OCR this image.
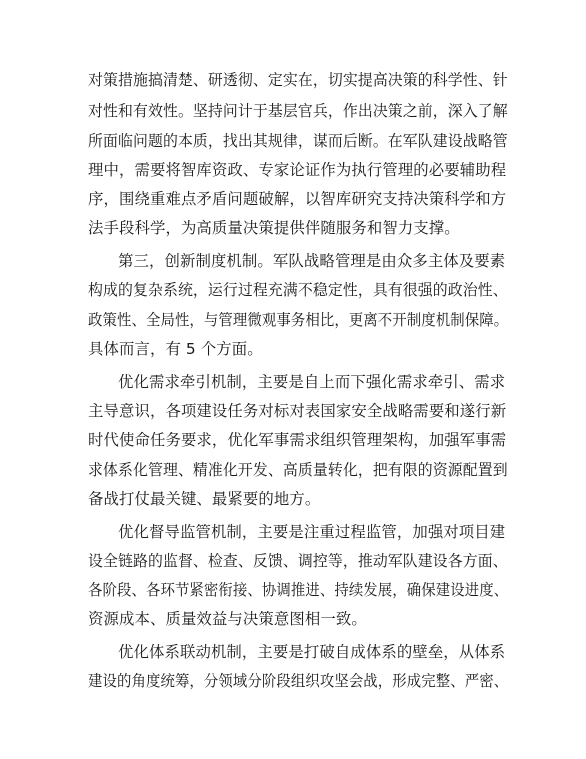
对策措施搞清楚、研透彻、定实在，切实提高决策的科学性、针
对性和有效性。坚持问计于基层官兵，作出决策之前，深入了解
所面临问题的本质，找出其规律，谋而后断。在军队建设战略管
理中，需要将智库资政、专家论证作为执行管理的必要辅助程
序，围绕重难点矛盾问题破解，以智库研究支持决策科学和方
法手段科学，为高质量决策提供伴随服务和智力支撑。
第三，创新制度机制。军队战略管理是由众多主体及要素
构成的复杂系统，运行过程充满不稳定性，具有很强的政治性、
政策性、全局性，与管理微观事务相比，更离不开制度机制保障。
具体而言，有 5 个方面。
优化需求牵引机制，主要是自上而下强化需求牵引、需求
主导意识，各项建设任务对标对表国家安全战略需要和遂行新
时代使命任务要求，优化军事需求组织管理架构，加强军事需
求体系化管理、精准化开发、高质量转化，把有限的资源配置到
备战打仗最关键、最紧要的地方。
优化督导监管机制，主要是注重过程监管，加强对项目建
设全链路的监督、检查、反馈、调控等，推动军队建设各方面、
各阶段、各环节紧密衔接、协调推进、持续发展，确保建设进度、
资源成本、质量效益与决策意图相一致。
优化体系联动机制，主要是打破自成体系的壁垒，从体系
建设的角度统筹，分领域分阶段组织攻坚会战，形成完整、严密、
